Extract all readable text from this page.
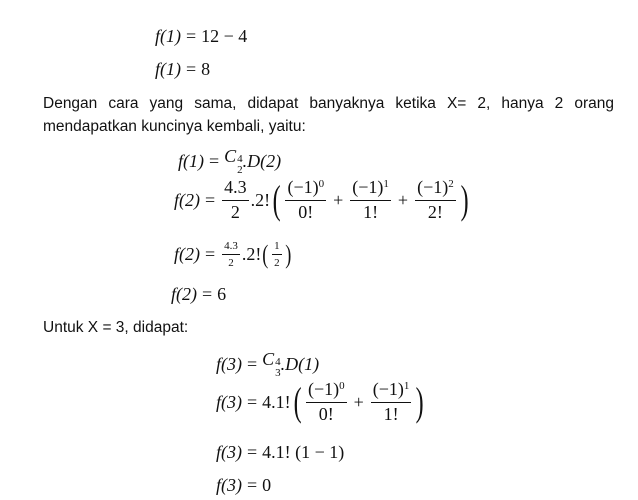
f(1) = 12 − 4
f(1) = 8
Dengan cara yang sama, didapat banyaknya ketika X= 2, hanya 2 orang
mendapatkan kuncinya kembali, yaitu:
f(1) = C 4
2 .D(2)
$f(2) = \frac{4.3}{2} .2$! ( $\frac{(-1)^0}{0!} + \frac{(-1)^1}{1!} + \frac{(-1)^2}{2!}$ )
$f(2) = \frac{4.3}{2} .2$! ( $\frac{1}{2}$ )
f(2) = 6
Untuk X = 3, didapat:
f(3) = C 4
3 .D(1)
f(3) = 4.1! ( $\frac{(-1)^0}{0!} + \frac{(-1)^1}{1!}$ )
f(3) = 4.1! (1 − 1)
f(3) = 0
